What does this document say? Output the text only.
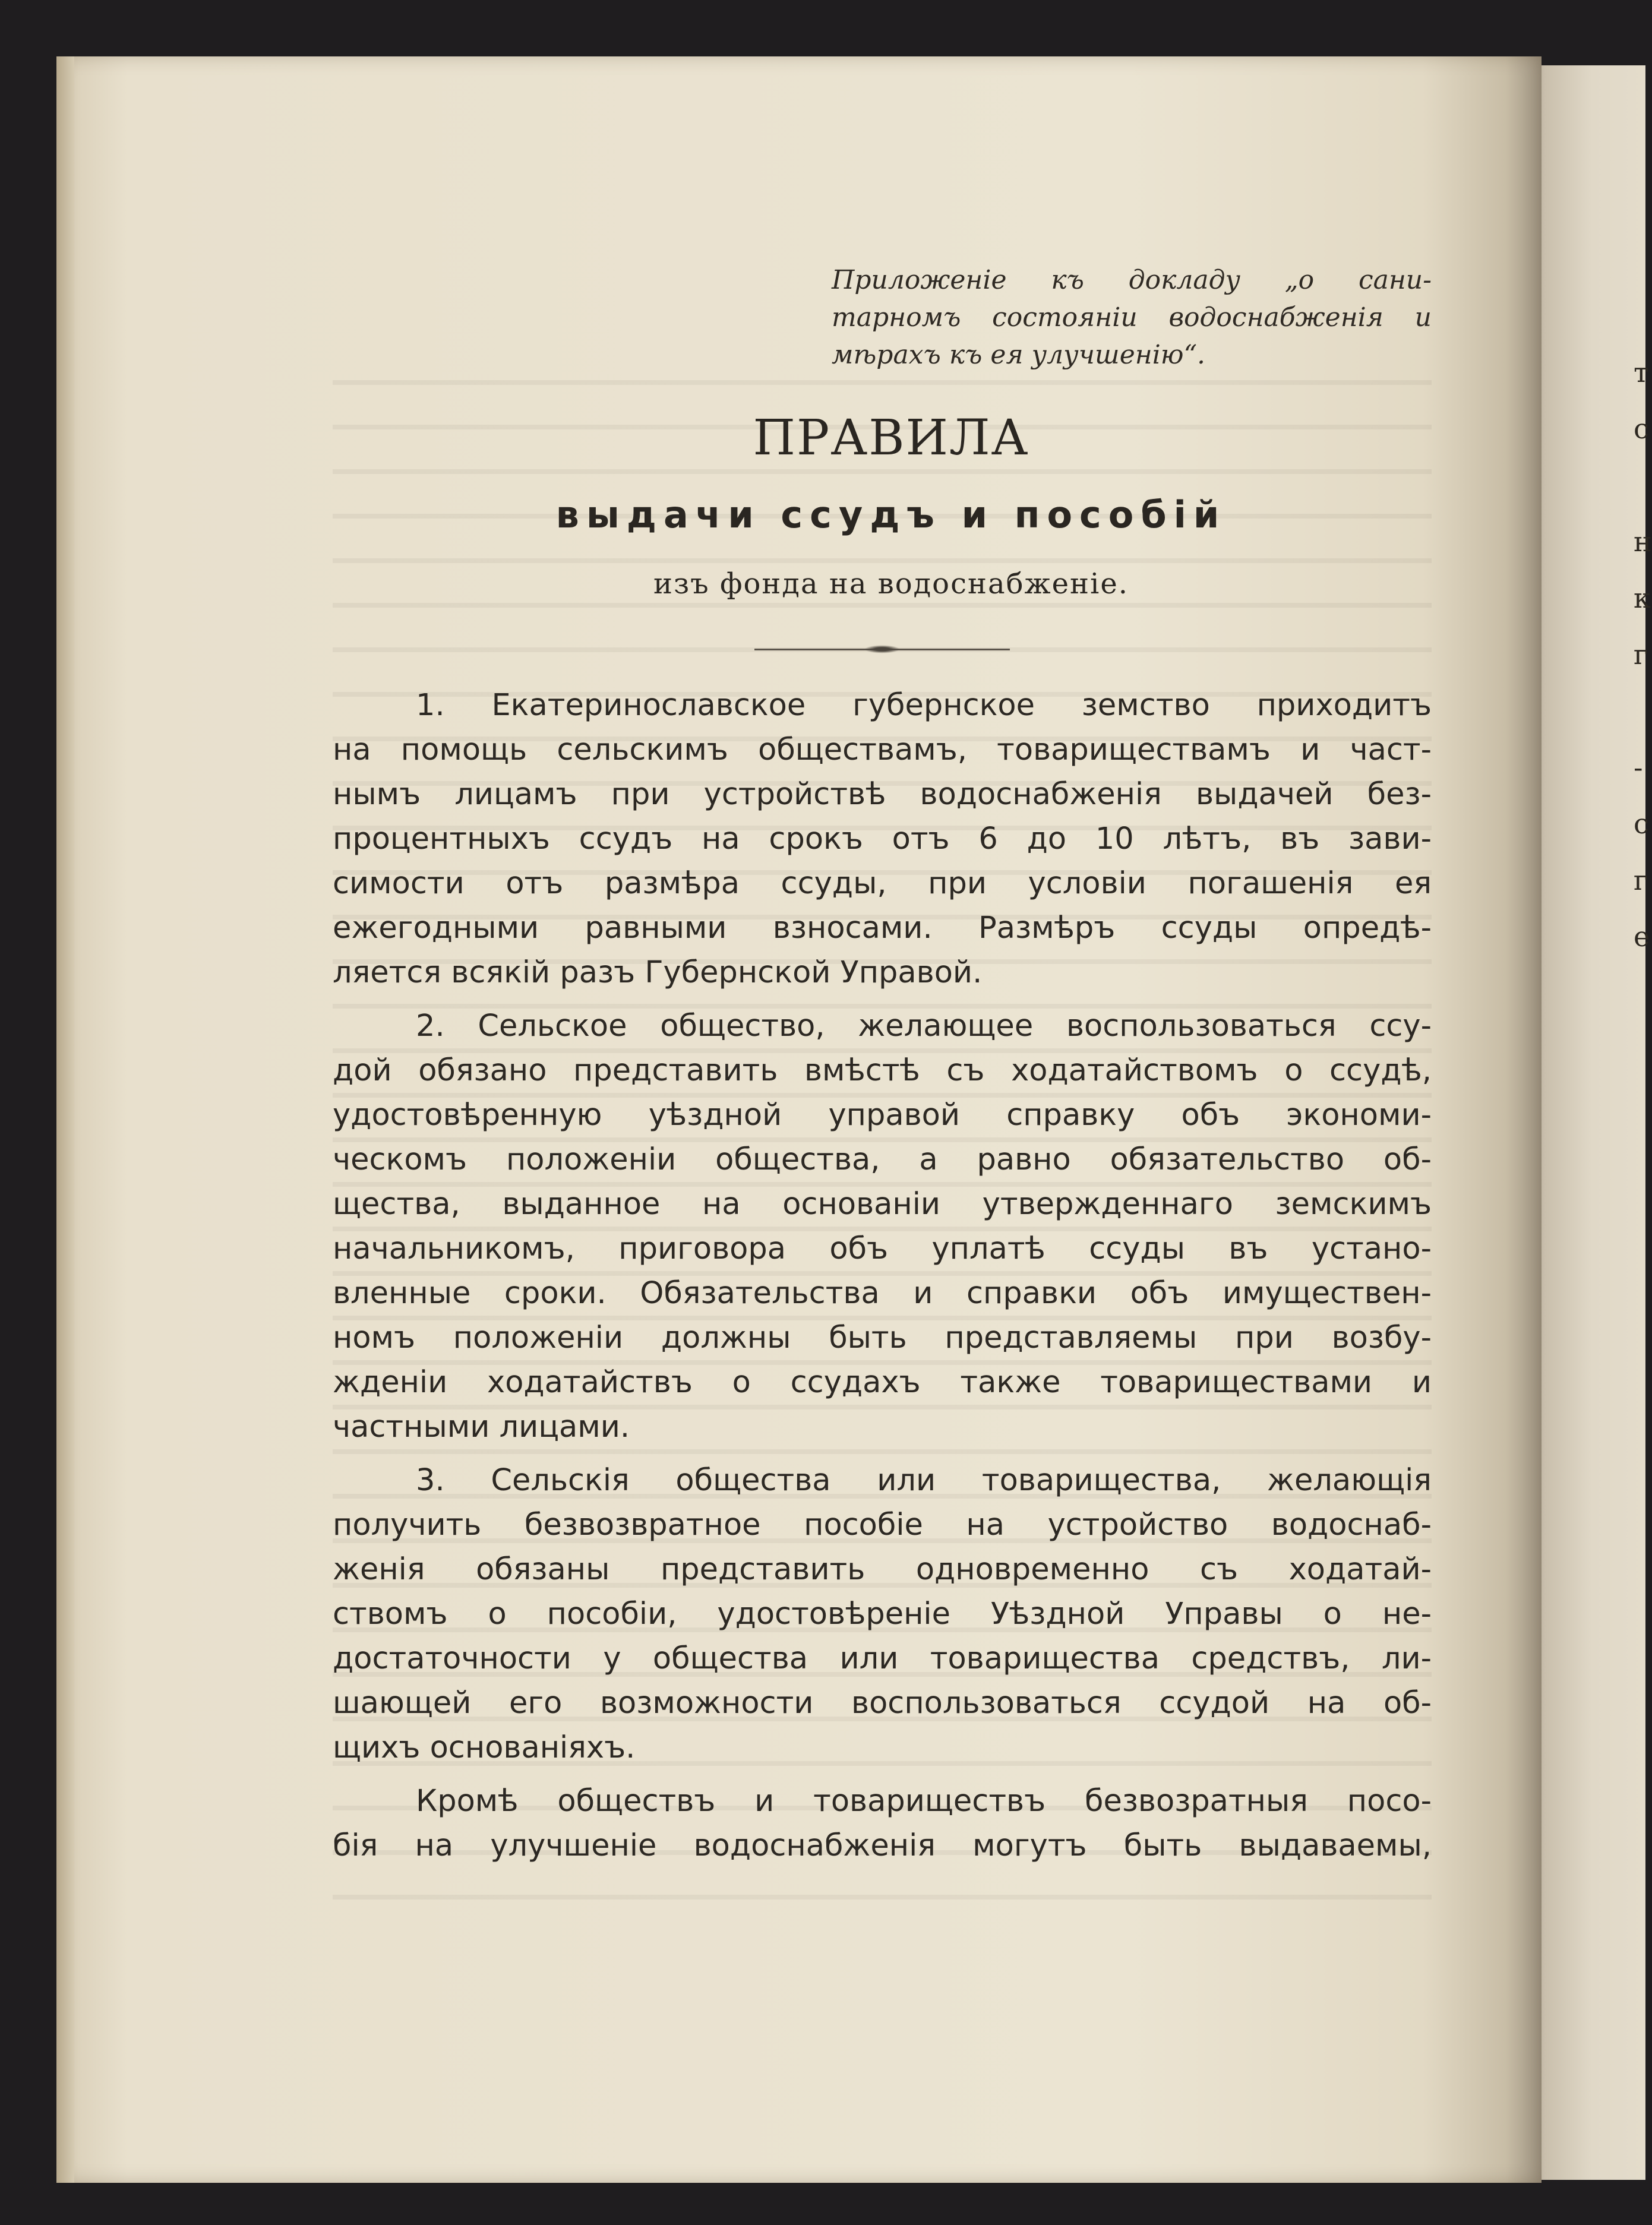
т
с
н
к
г
-
с
г
е
Приложеніе къ докладу „о сани-
тарномъ состояніи водоснабженія и
мѣрахъ къ ея улучшенію“.
ПРАВИЛА
выдачи ссудъ и пособій
изъ фонда на водоснабженіе.
1. Екатеринославское губернское земство приходитъ
на помощь сельскимъ обществамъ, товариществамъ и част-
нымъ лицамъ при устройствѣ водоснабженія выдачей без-
процентныхъ ссудъ на срокъ отъ 6 до 10 лѣтъ, въ зави-
симости отъ размѣра ссуды, при условіи погашенія ея
ежегодными равными взносами. Размѣръ ссуды опредѣ-
ляется всякій разъ Губернской Управой.
2. Сельское общество, желающее воспользоваться ссу-
дой обязано представить вмѣстѣ съ ходатайствомъ о ссудѣ,
удостовѣренную уѣздной управой справку объ экономи-
ческомъ положеніи общества, а равно обязательство об-
щества, выданное на основаніи утвержденнаго земскимъ
начальникомъ, приговора объ уплатѣ ссуды въ устано-
вленные сроки. Обязательства и справки объ имуществен-
номъ положеніи должны быть представляемы при возбу-
жденіи ходатайствъ о ссудахъ также товариществами и
частными лицами.
3. Сельскія общества или товарищества, желающія
получить безвозвратное пособіе на устройство водоснаб-
женія обязаны представить одновременно съ ходатай-
ствомъ о пособіи, удостовѣреніе Уѣздной Управы о не-
достаточности у общества или товарищества средствъ, ли-
шающей его возможности воспользоваться ссудой на об-
щихъ основаніяхъ.
Кромѣ обществъ и товариществъ безвозратныя посо-
бія на улучшеніе водоснабженія могутъ быть выдаваемы,
